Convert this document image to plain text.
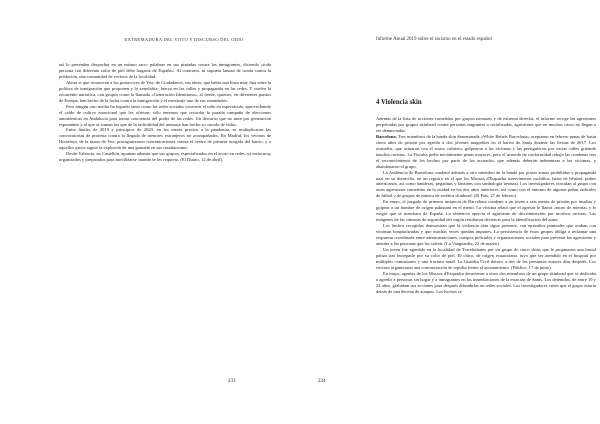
EXTREMADURA DEL VOTO Y DISCURSO DEL ODIO

así lo pretenden despachar en un mismo saco: palabras en sus pintadas contra los inmigrantes, diciendo «toda persona con diferente color de piel debe largarse de España». Al contrario, ni siquiera lanzan de ironía contra la población, una comunidad de vecinos de la localidad.

Ahora sí que reconocen a los portavoces de Vox, de Ciudadanos, sus ideas, que había una línea muy fina entre la política de inmigración que proponen y la xenofobia: fuerza en las calles y propaganda en las redes. Y vuelve la recurrente narrativa, con grupos como la llamada «Generación Identitaria», al frente, quienes, en diferentes puntos de Europa, han hecho de la lucha contra la inmigración y el mestizaje uno de sus estandartes.

Pero ningún otro medio ha logrado tanto como las redes sociales convertir el odio en espectáculo, aprovechando el caldo de cultivo emocional que les ofrecen; sólo tenemos que recordar la pasada campaña de elecciones autonómicas en Andalucía para tomar conciencia del poder de las redes. Un discurso que no nace por generación espontánea y al que se suman los que de la radicalidad del mensaje han hecho su «modo de vida».

Entre finales de 2019 y principios de 2020, en los meses previos a la pandemia, se multiplicaron las convocatorias de protesta contra la llegada de menores extranjeros no acompañados. En Madrid, los vecinos de Hortaleza, de la mano de Vox, protagonizaron concentraciones contra el centro de primera acogida del barrio, y a aquellos gritos siguió la explosión de una granada en sus instalaciones.

Desde Valencia, en Castellón, apuntan además que sus grupos, especializados en el acoso en redes, ya están muy organizados y preparados para movilizarse cuando se les requiera. (El Diario, 12 de abril).

233
Informe Anual 2019 sobre el racismo en el estado español
4 Violencia skin

Además de la lista de acciones cometidas por grupos neonazis y de extrema derecha, el informe recoge las agresiones perpetradas por grupos skinhead contra personas migrantes o racializadas, agresiones que en muchos casos no llegan a ser denunciadas.

Barcelona. Tres miembros de la banda skin denominada «White Rebels Barcelona» aceptaron en febrero penas de hasta cinco años de prisión por agredir a dos jóvenes magrebíes en el barrio de Sants durante las fiestas de 2017. Los acusados, que actuaron con el rostro cubierto, golpearon a las víctimas y las persiguieron por varias calles gritando insultos racistas. La Fiscalía pedía inicialmente penas mayores, pero el acuerdo de conformidad rebajó las condenas tras el reconocimiento de los hechos por parte de los acusados, que además deberán indemnizar a las víctimas, y abandonaron el grupo.

La Audiencia de Barcelona condenó además a otro miembro de la banda por portar armas prohibidas y propaganda nazi en su domicilio, en un registro en el que los Mossos d'Esquadra intervinieron cuchillos, bates de béisbol, puños americanos, así como banderas, pegatinas y fanzines con simbología neonazi. Los investigadores vinculan al grupo con otras agresiones cometidas en la ciudad en los dos años anteriores, así como con el entorno de algunas peñas radicales de fútbol y de grupos de música de estética skinhead. (El País, 27 de febrero).

En enero, el juzgado de primera instancia de Barcelona condenó a un joven a seis meses de prisión por insultar y golpear a un hombre de origen pakistaní en el metro. La víctima relató que el agresor le llamó «moro de mierda» y le exigió que se marchara de España. La sentencia aprecia el agravante de discriminación por motivos racistas. Las imágenes de las cámaras de seguridad del vagón resultaron decisivas para la identificación del autor.

Los hechos recogidos demuestran que la violencia skin sigue presente, con episodios puntuales que acaban con víctimas hospitalizadas y que muchas veces quedan impunes. La persistencia de estos grupos obliga a reclamar una respuesta coordinada entre administraciones, cuerpos policiales y organizaciones sociales para prevenir las agresiones y atender a las personas que las sufren. (La Vanguardia, 22 de marzo).

Un joven fue agredido en la localidad de Torrelodones por un grupo de cinco skins que le propinaron una brutal paliza tras increparle por su color de piel. El chico, de origen ecuatoriano, tuvo que ser atendido en el hospital por múltiples contusiones y una fractura nasal. La Guardia Civil detuvo a dos de los presuntos autores días después. Los vecinos organizaron una concentración de repulsa frente al ayuntamiento. (Público, 17 de junio).

En mayo, agentes de los Mossos d'Esquadra detuvieron a otros dos miembros de un grupo skinhead que se dedicaba a agredir a personas sin hogar y a inmigrantes en las inmediaciones de la estación de Sants. Los detenidos, de entre 19 y 24 años, grababan sus acciones para después difundirlas en redes sociales. Los investigadores creen que el grupo estaría detrás de una decena de ataques. Los hechos se

234
